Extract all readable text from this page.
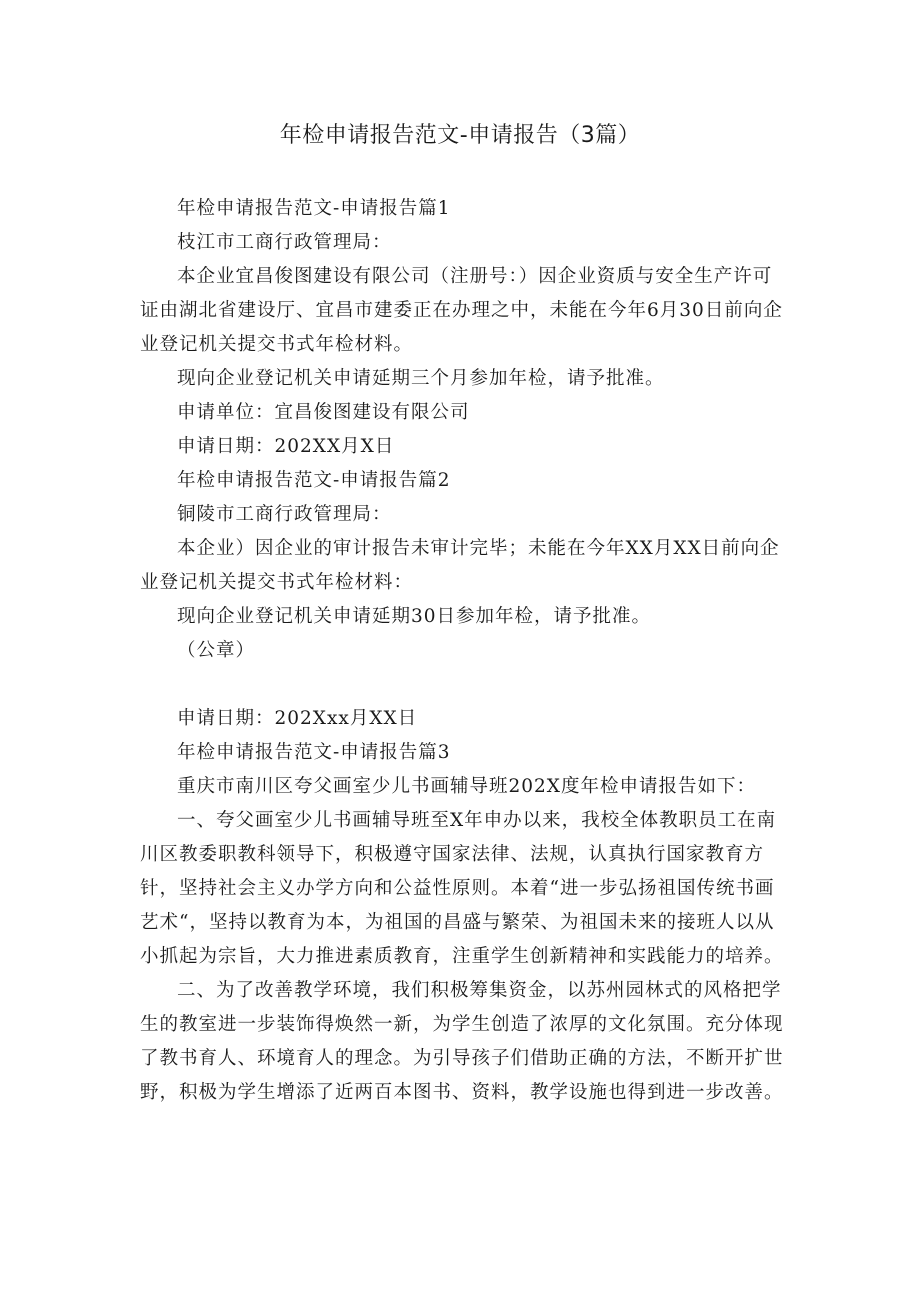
年检申请报告范文-申请报告（3篇）

年检申请报告范文-申请报告篇1

枝江市工商行政管理局：

本企业宜昌俊图建设有限公司（注册号：）因企业资质与安全生产许可证由湖北省建设厅、宜昌市建委正在办理之中，未能在今年6月30日前向企业登记机关提交书式年检材料。

现向企业登记机关申请延期三个月参加年检，请予批准。

申请单位：宜昌俊图建设有限公司

申请日期：202XX月X日

年检申请报告范文-申请报告篇2

铜陵市工商行政管理局：

本企业）因企业的审计报告未审计完毕；未能在今年XX月XX日前向企业登记机关提交书式年检材料：

现向企业登记机关申请延期30日参加年检，请予批准。

（公章）

申请日期：202Xxx月XX日

年检申请报告范文-申请报告篇3

重庆市南川区夸父画室少儿书画辅导班202X度年检申请报告如下：

一、夸父画室少儿书画辅导班至X年申办以来，我校全体教职员工在南川区教委职教科领导下，积极遵守国家法律、法规，认真执行国家教育方针，坚持社会主义办学方向和公益性原则。本着“进一步弘扬祖国传统书画艺术“，坚持以教育为本，为祖国的昌盛与繁荣、为祖国未来的接班人以从小抓起为宗旨，大力推进素质教育，注重学生创新精神和实践能力的培养。

二、为了改善教学环境，我们积极筹集资金，以苏州园林式的风格把学生的教室进一步装饰得焕然一新，为学生创造了浓厚的文化氛围。充分体现了教书育人、环境育人的理念。为引导孩子们借助正确的方法，不断开扩世野，积极为学生增添了近两百本图书、资料，教学设施也得到进一步改善。
